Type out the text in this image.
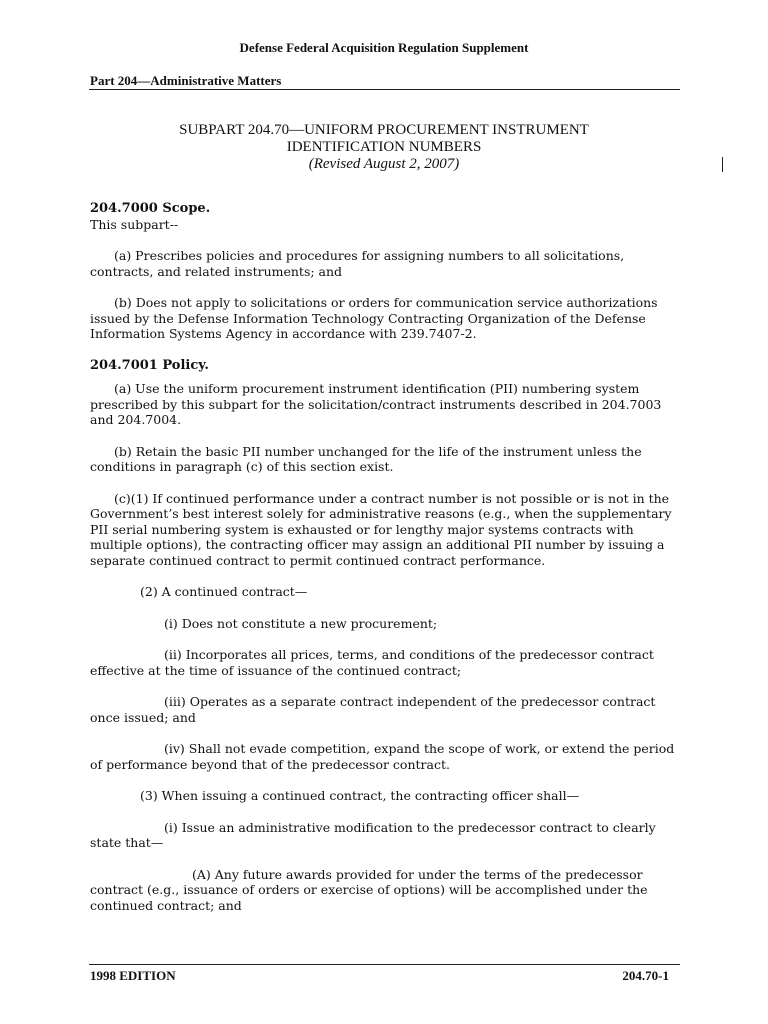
Defense Federal Acquisition Regulation Supplement
Part 204—Administrative Matters
SUBPART 204.70—UNIFORM PROCUREMENT INSTRUMENT
IDENTIFICATION NUMBERS
(Revised August 2, 2007)

204.7000 Scope.

This subpart--

(a) Prescribes policies and procedures for assigning numbers to all solicitations, contracts, and related instruments; and

(b) Does not apply to solicitations or orders for communication service authorizations issued by the Defense Information Technology Contracting Organization of the Defense Information Systems Agency in accordance with 239.7407-2.

204.7001 Policy.

(a) Use the uniform procurement instrument identification (PII) numbering system prescribed by this subpart for the solicitation/contract instruments described in 204.7003 and 204.7004.

(b) Retain the basic PII number unchanged for the life of the instrument unless the conditions in paragraph (c) of this section exist.

(c)(1) If continued performance under a contract number is not possible or is not in the Government’s best interest solely for administrative reasons (e.g., when the supplementary PII serial numbering system is exhausted or for lengthy major systems contracts with multiple options), the contracting officer may assign an additional PII number by issuing a separate continued contract to permit continued contract performance.

(2) A continued contract—

(i) Does not constitute a new procurement;

(ii) Incorporates all prices, terms, and conditions of the predecessor contract effective at the time of issuance of the continued contract;

(iii) Operates as a separate contract independent of the predecessor contract once issued; and

(iv) Shall not evade competition, expand the scope of work, or extend the period of performance beyond that of the predecessor contract.

(3) When issuing a continued contract, the contracting officer shall—

(i) Issue an administrative modification to the predecessor contract to clearly state that—

(A) Any future awards provided for under the terms of the predecessor contract (e.g., issuance of orders or exercise of options) will be accomplished under the continued contract; and

1998 EDITION	204.70-1
